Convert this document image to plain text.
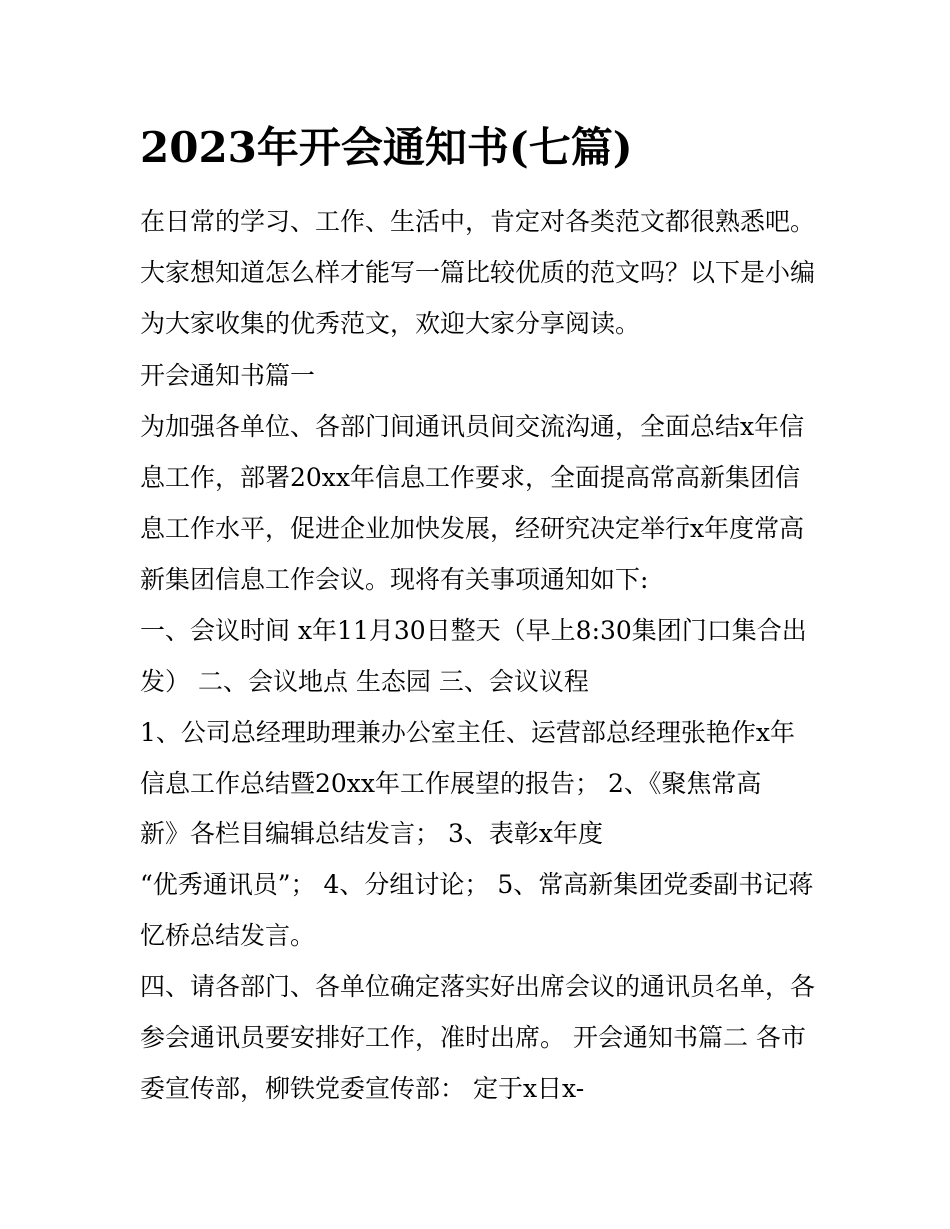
2023年开会通知书(七篇)
在日常的学习、工作、生活中，肯定对各类范文都很熟悉吧。
大家想知道怎么样才能写一篇比较优质的范文吗？以下是小编
为大家收集的优秀范文，欢迎大家分享阅读。
开会通知书篇一
为加强各单位、各部门间通讯员间交流沟通，全面总结x年信
息工作，部署20xx年信息工作要求，全面提高常高新集团信
息工作水平，促进企业加快发展，经研究决定举行x年度常高
新集团信息工作会议。现将有关事项通知如下:
一、会议时间 x年11月30日整天（早上8:30集团门口集合出
发） 二、会议地点 生态园 三、会议议程
1、公司总经理助理兼办公室主任、运营部总经理张艳作x年
信息工作总结暨20xx年工作展望的报告； 2、《聚焦常高
新》各栏目编辑总结发言； 3、表彰x年度
“优秀通讯员”； 4、分组讨论； 5、常高新集团党委副书记蒋
忆桥总结发言。
四、请各部门、各单位确定落实好出席会议的通讯员名单，各
参会通讯员要安排好工作，准时出席。 开会通知书篇二 各市
委宣传部，柳铁党委宣传部： 定于x日x-
